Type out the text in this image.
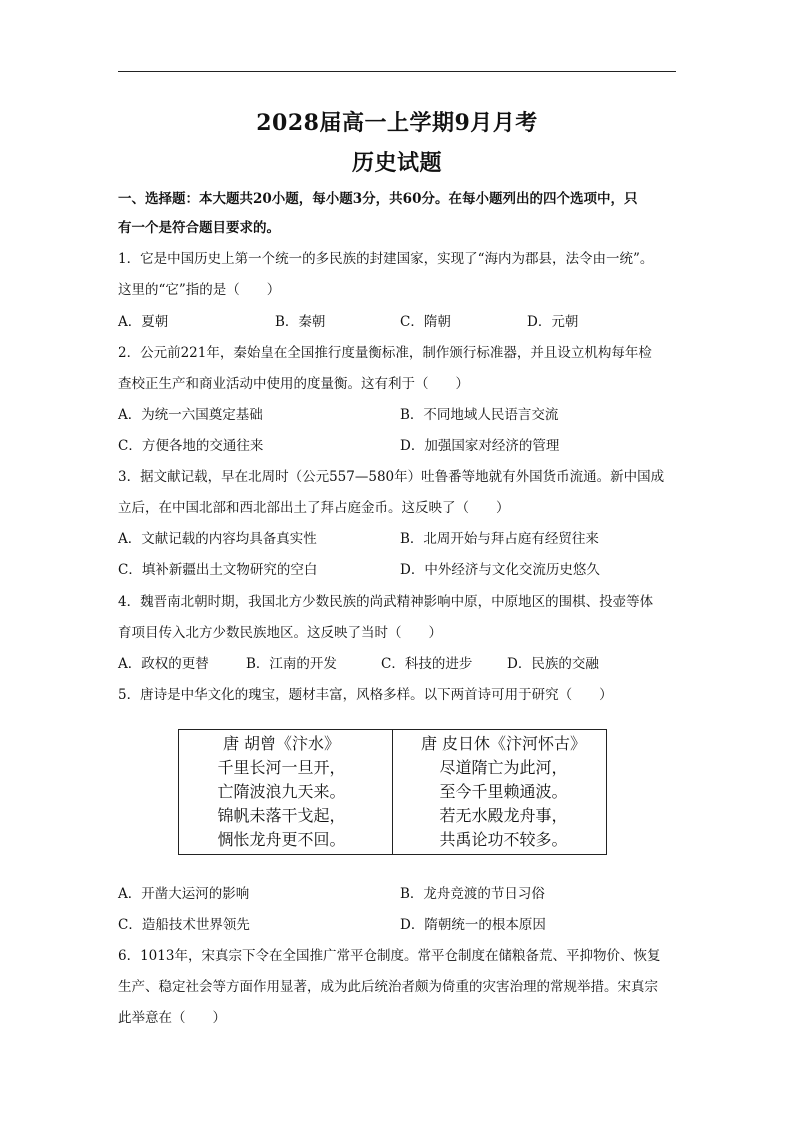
2028届高一上学期9月月考
历史试题
一、选择题：本大题共20小题，每小题3分，共60分。在每小题列出的四个选项中，只
有一个是符合题目要求的。
1．它是中国历史上第一个统一的多民族的封建国家，实现了“海内为郡县，法令由一统”。
这里的“它”指的是（　　）
A．夏朝	B．秦朝	C．隋朝	D．元朝
2．公元前221年，秦始皇在全国推行度量衡标准，制作颁行标准器，并且设立机构每年检
查校正生产和商业活动中使用的度量衡。这有利于（　　）
A．为统一六国奠定基础	B．不同地域人民语言交流
C．方便各地的交通往来	D．加强国家对经济的管理
3．据文献记载，早在北周时（公元557—580年）吐鲁番等地就有外国货币流通。新中国成
立后，在中国北部和西北部出土了拜占庭金币。这反映了（　　）
A．文献记载的内容均具备真实性	B．北周开始与拜占庭有经贸往来
C．填补新疆出土文物研究的空白	D．中外经济与文化交流历史悠久
4．魏晋南北朝时期，我国北方少数民族的尚武精神影响中原，中原地区的围棋、投壶等体
育项目传入北方少数民族地区。这反映了当时（　　）
A．政权的更替	B．江南的开发	C．科技的进步	D．民族的交融
5．唐诗是中华文化的瑰宝，题材丰富，风格多样。以下两首诗可用于研究（　　）
唐 胡曾《汴水》
千里长河一旦开，
亡隋波浪九天来。
锦帆未落干戈起，
惆怅龙舟更不回。
唐 皮日休《汴河怀古》
尽道隋亡为此河，
至今千里赖通波。
若无水殿龙舟事，
共禹论功不较多。
A．开凿大运河的影响	B．龙舟竞渡的节日习俗
C．造船技术世界领先	D．隋朝统一的根本原因
6．1013年，宋真宗下令在全国推广常平仓制度。常平仓制度在储粮备荒、平抑物价、恢复
生产、稳定社会等方面作用显著，成为此后统治者颇为倚重的灾害治理的常规举措。宋真宗
此举意在（　　）
